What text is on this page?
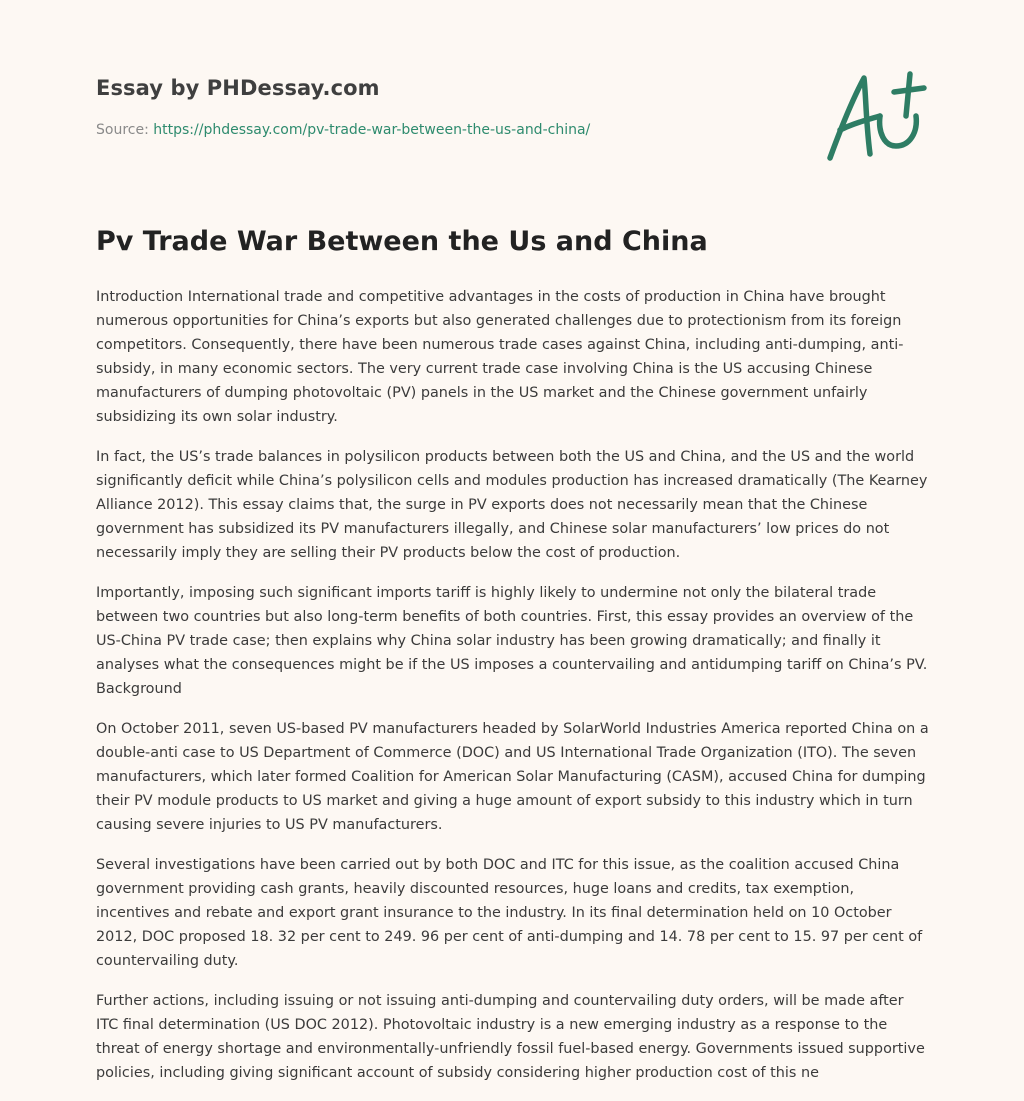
Essay by PHDessay.com
Source: https://phdessay.com/pv-trade-war-between-the-us-and-china/
Pv Trade War Between the Us and China

Introduction International trade and competitive advantages in the costs of production in China have brought numerous opportunities for China’s exports but also generated challenges due to protectionism from its foreign competitors. Consequently, there have been numerous trade cases against China, including anti-dumping, anti-subsidy, in many economic sectors. The very current trade case involving China is the US accusing Chinese manufacturers of dumping photovoltaic (PV) panels in the US market and the Chinese government unfairly subsidizing its own solar industry.

In fact, the US’s trade balances in polysilicon products between both the US and China, and the US and the world significantly deficit while China’s polysilicon cells and modules production has increased dramatically (The Kearney Alliance 2012). This essay claims that, the surge in PV exports does not necessarily mean that the Chinese government has subsidized its PV manufacturers illegally, and Chinese solar manufacturers’ low prices do not necessarily imply they are selling their PV products below the cost of production.

Importantly, imposing such significant imports tariff is highly likely to undermine not only the bilateral trade between two countries but also long-term benefits of both countries. First, this essay provides an overview of the US-China PV trade case; then explains why China solar industry has been growing dramatically; and finally it analyses what the consequences might be if the US imposes a countervailing and antidumping tariff on China’s PV. Background

On October 2011, seven US-based PV manufacturers headed by SolarWorld Industries America reported China on a double-anti case to US Department of Commerce (DOC) and US International Trade Organization (ITO). The seven manufacturers, which later formed Coalition for American Solar Manufacturing (CASM), accused China for dumping their PV module products to US market and giving a huge amount of export subsidy to this industry which in turn causing severe injuries to US PV manufacturers.

Several investigations have been carried out by both DOC and ITC for this issue, as the coalition accused China government providing cash grants, heavily discounted resources, huge loans and credits, tax exemption, incentives and rebate and export grant insurance to the industry. In its final determination held on 10 October 2012, DOC proposed 18. 32 per cent to 249. 96 per cent of anti-dumping and 14. 78 per cent to 15. 97 per cent of countervailing duty.

Further actions, including issuing or not issuing anti-dumping and countervailing duty orders, will be made after ITC final determination (US DOC 2012). Photovoltaic industry is a new emerging industry as a response to the threat of energy shortage and environmentally-unfriendly fossil fuel-based energy. Governments issued supportive policies, including giving significant account of subsidy considering higher production cost of this ne
